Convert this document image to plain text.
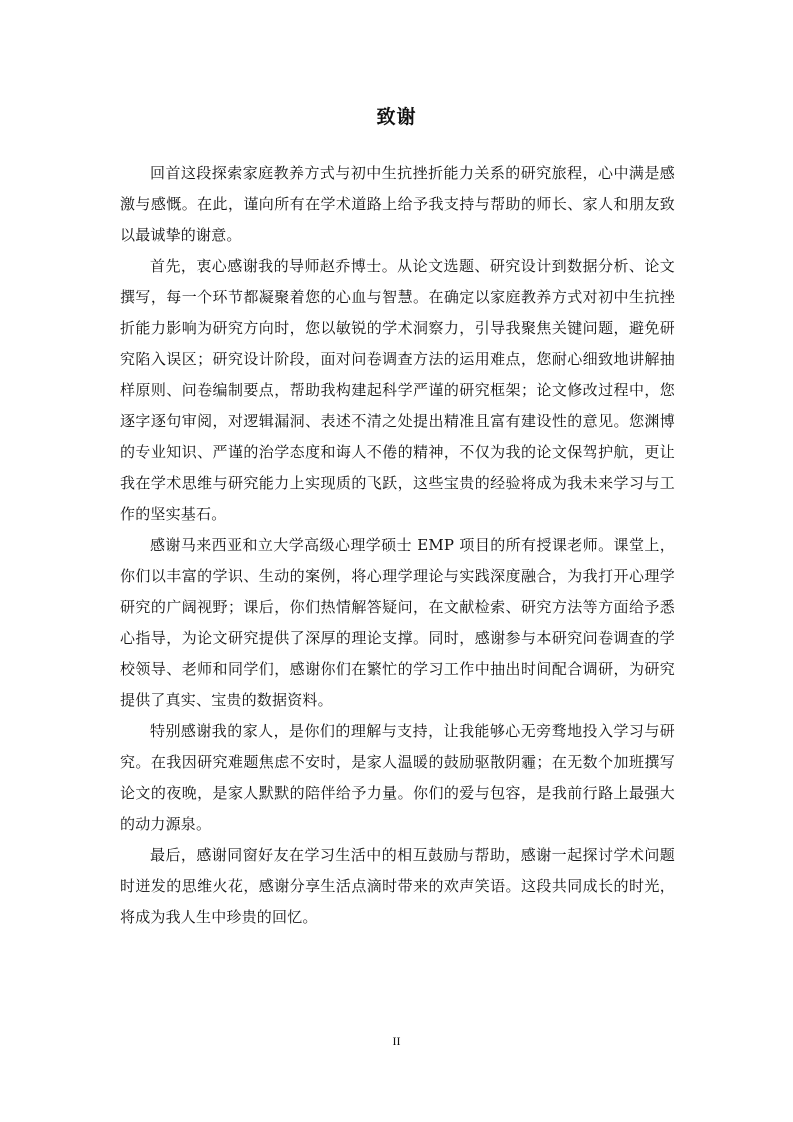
致谢

回首这段探索家庭教养方式与初中生抗挫折能力关系的研究旅程，心中满是感激与感慨。在此，谨向所有在学术道路上给予我支持与帮助的师长、家人和朋友致以最诚挚的谢意。

首先，衷心感谢我的导师赵乔博士。从论文选题、研究设计到数据分析、论文撰写，每一个环节都凝聚着您的心血与智慧。在确定以家庭教养方式对初中生抗挫折能力影响为研究方向时，您以敏锐的学术洞察力，引导我聚焦关键问题，避免研究陷入误区；研究设计阶段，面对问卷调查方法的运用难点，您耐心细致地讲解抽样原则、问卷编制要点，帮助我构建起科学严谨的研究框架；论文修改过程中，您逐字逐句审阅，对逻辑漏洞、表述不清之处提出精准且富有建设性的意见。您渊博的专业知识、严谨的治学态度和诲人不倦的精神，不仅为我的论文保驾护航，更让我在学术思维与研究能力上实现质的飞跃，这些宝贵的经验将成为我未来学习与工作的坚实基石。

感谢马来西亚和立大学高级心理学硕士 EMP 项目的所有授课老师。课堂上，你们以丰富的学识、生动的案例，将心理学理论与实践深度融合，为我打开心理学研究的广阔视野；课后，你们热情解答疑问，在文献检索、研究方法等方面给予悉心指导，为论文研究提供了深厚的理论支撑。同时，感谢参与本研究问卷调查的学校领导、老师和同学们，感谢你们在繁忙的学习工作中抽出时间配合调研，为研究提供了真实、宝贵的数据资料。

特别感谢我的家人，是你们的理解与支持，让我能够心无旁骛地投入学习与研究。在我因研究难题焦虑不安时，是家人温暖的鼓励驱散阴霾；在无数个加班撰写论文的夜晚，是家人默默的陪伴给予力量。你们的爱与包容，是我前行路上最强大的动力源泉。

最后，感谢同窗好友在学习生活中的相互鼓励与帮助，感谢一起探讨学术问题时迸发的思维火花，感谢分享生活点滴时带来的欢声笑语。这段共同成长的时光，将成为我人生中珍贵的回忆。

II
